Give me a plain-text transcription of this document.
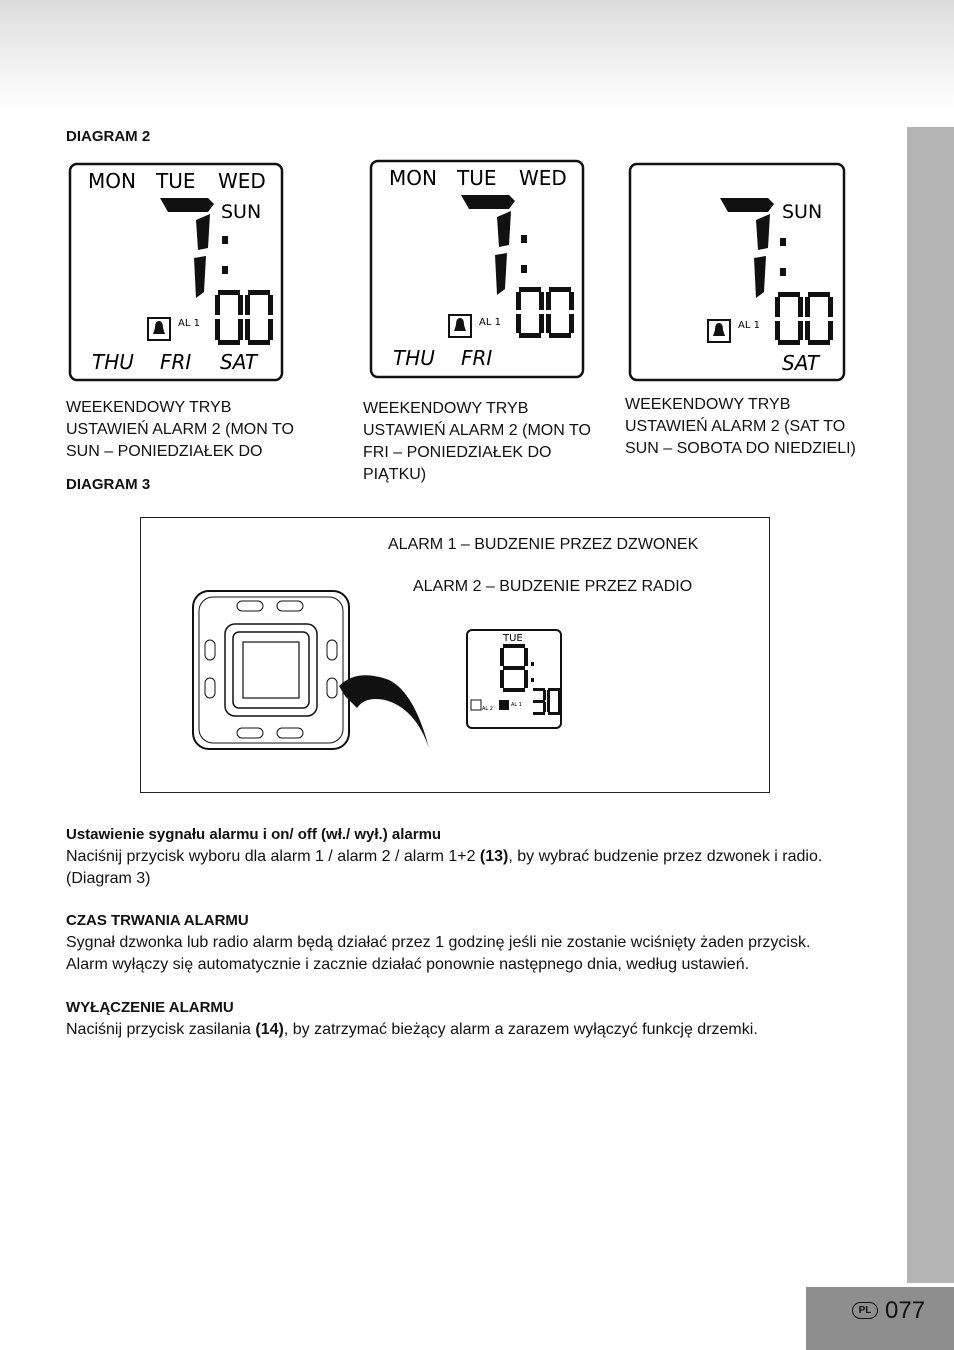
DIAGRAM 2
MON TUE WED
SUN
AL 1
THU FRI SAT
MON TUE WED
AL 1
THU FRI
SUN
AL 1
SAT
WEEKENDOWY TRYB
USTAWIEŃ ALARM 2 (MON TO
SUN – PONIEDZIAŁEK DO
WEEKENDOWY TRYB
USTAWIEŃ ALARM 2 (MON TO
FRI – PONIEDZIAŁEK DO
PIĄTKU)
WEEKENDOWY TRYB
USTAWIEŃ ALARM 2 (SAT TO
SUN – SOBOTA DO NIEDZIELI)
DIAGRAM 3
ALARM 1 – BUDZENIE PRZEZ DZWONEK
ALARM 2 – BUDZENIE PRZEZ RADIO
TUE
AL 2
AL 1
Ustawienie sygnału alarmu i on/ off (wł./ wył.) alarmu
Naciśnij przycisk wyboru dla alarm 1 / alarm 2 / alarm 1+2 (13), by wybrać budzenie przez dzwonek i radio.
(Diagram 3)
CZAS TRWANIA ALARMU
Sygnał dzwonka lub radio alarm będą działać przez 1 godzinę jeśli nie zostanie wciśnięty żaden przycisk.
Alarm wyłączy się automatycznie i zacznie działać ponownie następnego dnia, według ustawień.
WYŁĄCZENIE ALARMU
Naciśnij przycisk zasilania (14), by zatrzymać bieżący alarm a zarazem wyłączyć funkcję drzemki.
PL 077
